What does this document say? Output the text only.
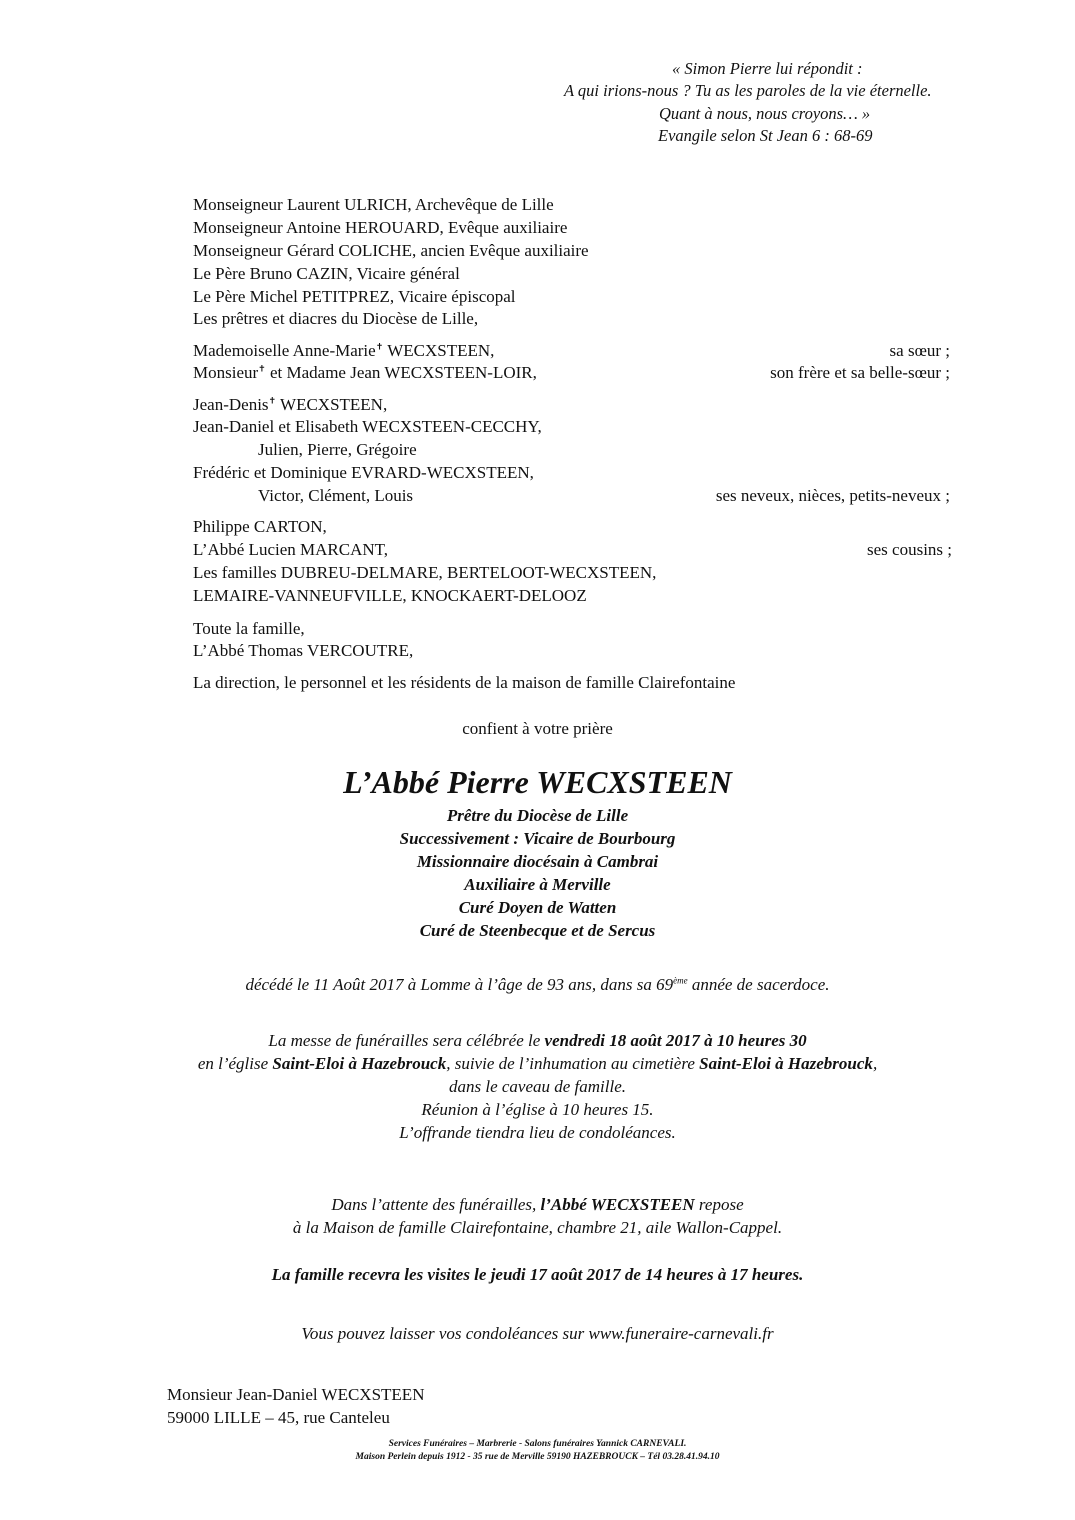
« Simon Pierre lui répondit :
A qui irions-nous ? Tu as les paroles de la vie éternelle.
Quant à nous, nous croyons… »
Evangile selon St Jean 6 : 68-69
Monseigneur Laurent ULRICH, Archevêque de Lille
Monseigneur Antoine HEROUARD, Evêque auxiliaire
Monseigneur Gérard COLICHE, ancien Evêque auxiliaire
Le Père Bruno CAZIN, Vicaire général
Le Père Michel PETITPREZ, Vicaire épiscopal
Les prêtres et diacres du Diocèse de Lille,
Mademoiselle Anne-Marie✝ WECXSTEEN,	sa sœur ;
Monsieur✝ et Madame Jean WECXSTEEN-LOIR,	son frère et sa belle-sœur ;
Jean-Denis✝ WECXSTEEN,
Jean-Daniel et Elisabeth WECXSTEEN-CECCHY,
Julien, Pierre, Grégoire
Frédéric et Dominique EVRARD-WECXSTEEN,
Victor, Clément, Louis	ses neveux, nièces, petits-neveux ;
Philippe CARTON,
L’Abbé Lucien MARCANT,	ses cousins ;
Les familles DUBREU-DELMARE, BERTELOOT-WECXSTEEN,
LEMAIRE-VANNEUFVILLE, KNOCKAERT-DELOOZ
Toute la famille,
L’Abbé Thomas VERCOUTRE,
La direction, le personnel et les résidents de la maison de famille Clairefontaine
confient à votre prière
L’Abbé Pierre WECXSTEEN
Prêtre du Diocèse de Lille
Successivement : Vicaire de Bourbourg
Missionnaire diocésain à Cambrai
Auxiliaire à Merville
Curé Doyen de Watten
Curé de Steenbecque et de Sercus
décédé le 11 Août 2017 à Lomme à l’âge de 93 ans, dans sa 69ème année de sacerdoce.
La messe de funérailles sera célébrée le vendredi 18 août 2017 à 10 heures 30
en l’église Saint-Eloi à Hazebrouck, suivie de l’inhumation au cimetière Saint-Eloi à Hazebrouck,
dans le caveau de famille.
Réunion à l’église à 10 heures 15.
L’offrande tiendra lieu de condoléances.
Dans l’attente des funérailles, l’Abbé WECXSTEEN repose
à la Maison de famille Clairefontaine, chambre 21, aile Wallon-Cappel.
La famille recevra les visites le jeudi 17 août 2017 de 14 heures à 17 heures.
Vous pouvez laisser vos condoléances sur www.funeraire-carnevali.fr
Monsieur Jean-Daniel WECXSTEEN
59000 LILLE – 45, rue Canteleu
Services Funéraires – Marbrerie - Salons funéraires Yannick CARNEVALI.
Maison Perlein depuis 1912 - 35 rue de Merville 59190 HAZEBROUCK – Tél 03.28.41.94.10
